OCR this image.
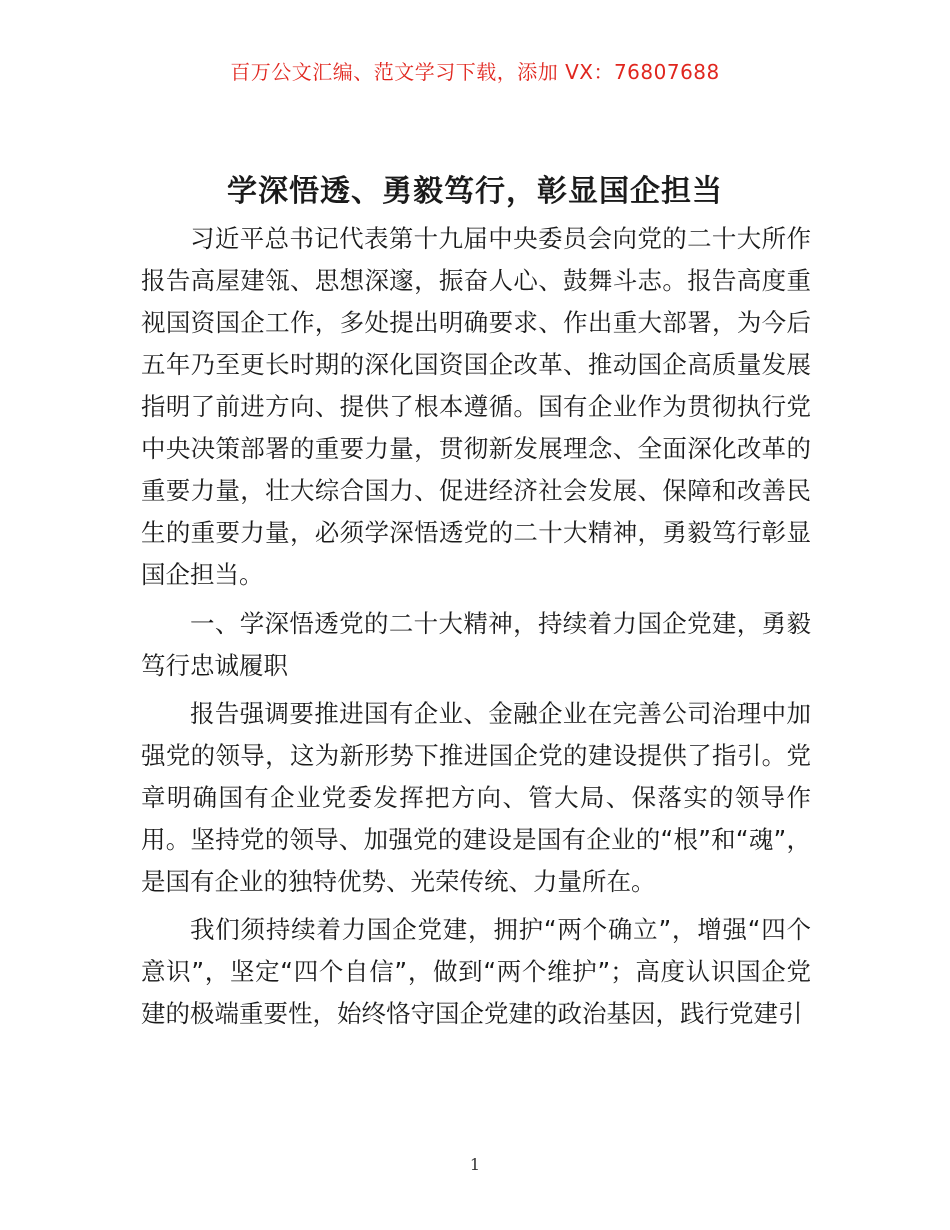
百万公文汇编、范文学习下载，添加 VX：76807688
学深悟透、勇毅笃行，彰显国企担当

习近平总书记代表第十九届中央委员会向党的二十大所作报告高屋建瓴、思想深邃，振奋人心、鼓舞斗志。报告高度重视国资国企工作，多处提出明确要求、作出重大部署，为今后五年乃至更长时期的深化国资国企改革、推动国企高质量发展指明了前进方向、提供了根本遵循。国有企业作为贯彻执行党中央决策部署的重要力量，贯彻新发展理念、全面深化改革的重要力量，壮大综合国力、促进经济社会发展、保障和改善民生的重要力量，必须学深悟透党的二十大精神，勇毅笃行彰显国企担当。

一、学深悟透党的二十大精神，持续着力国企党建，勇毅笃行忠诚履职

报告强调要推进国有企业、金融企业在完善公司治理中加强党的领导，这为新形势下推进国企党的建设提供了指引。党章明确国有企业党委发挥把方向、管大局、保落实的领导作用。坚持党的领导、加强党的建设是国有企业的“根”和“魂”，是国有企业的独特优势、光荣传统、力量所在。

我们须持续着力国企党建，拥护“两个确立”，增强“四个意识”，坚定“四个自信”，做到“两个维护”；高度认识国企党建的极端重要性，始终恪守国企党建的政治基因，践行党建引

1
